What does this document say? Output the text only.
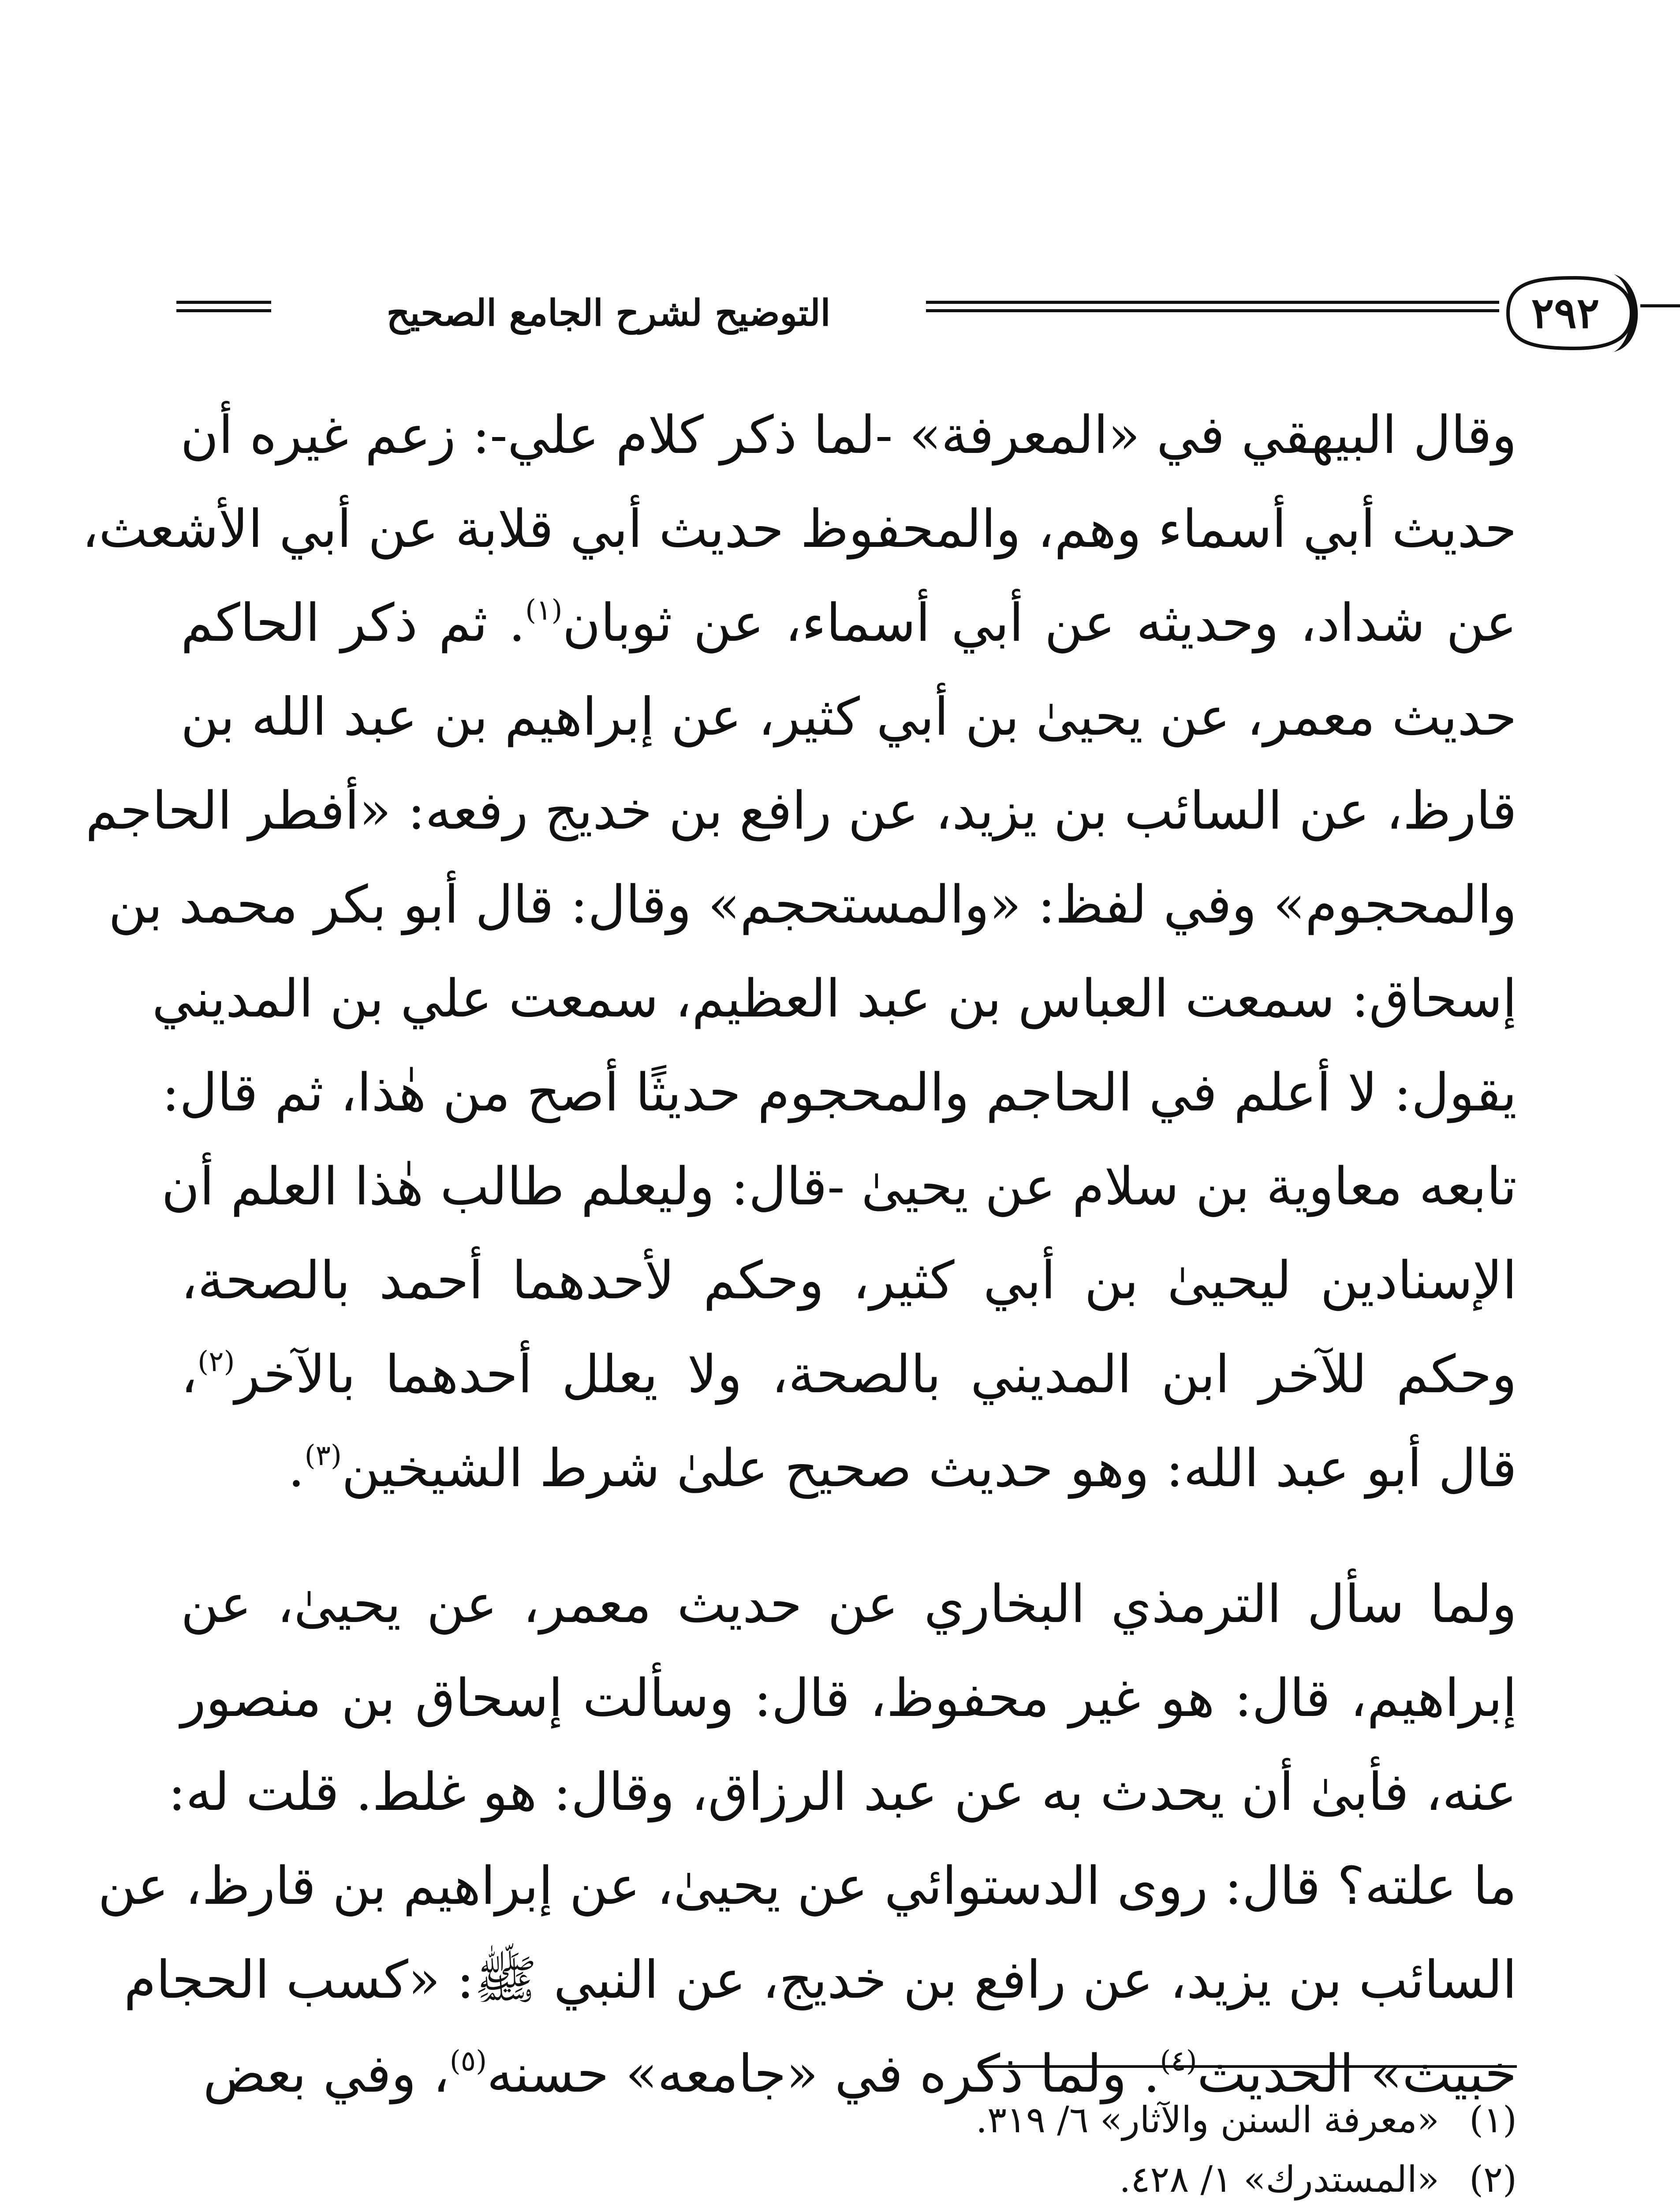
٢٩٢
التوضيح لشرح الجامع الصحيح

وقال البيهقي في «المعرفة» -لما ذكر كلام علي-: زعم غيره أن
حديث أبي أسماء وهم، والمحفوظ حديث أبي قلابة عن أبي الأشعث،
عن شداد، وحديثه عن أبي أسماء، عن ثوبان$^{(١)}$. ثم ذكر الحاكم
حديث معمر، عن يحيىٰ بن أبي كثير، عن إبراهيم بن عبد الله بن
قارظ، عن السائب بن يزيد، عن رافع بن خديج رفعه: «أفطر الحاجم
والمحجوم» وفي لفظ: «والمستحجم» وقال: قال أبو بكر محمد بن
إسحاق: سمعت العباس بن عبد العظيم، سمعت علي بن المديني
يقول: لا أعلم في الحاجم والمحجوم حديثًا أصح من هٰذا، ثم قال:
تابعه معاوية بن سلام عن يحيىٰ -قال: وليعلم طالب هٰذا العلم أن
الإسنادين ليحيىٰ بن أبي كثير، وحكم لأحدهما أحمد بالصحة،
وحكم للآخر ابن المديني بالصحة، ولا يعلل أحدهما بالآخر$^{(٢)}$،
قال أبو عبد الله: وهو حديث صحيح علىٰ شرط الشيخين$^{(٣)}$.

ولما سأل الترمذي البخاري عن حديث معمر، عن يحيىٰ، عن
إبراهيم، قال: هو غير محفوظ، قال: وسألت إسحاق بن منصور
عنه، فأبىٰ أن يحدث به عن عبد الرزاق، وقال: هو غلط. قلت له:
ما علته؟ قال: روى الدستوائي عن يحيىٰ، عن إبراهيم بن قارظ، عن
السائب بن يزيد، عن رافع بن خديج، عن النبي ﷺ: «كسب الحجام
خبيث» الحديث$^{(٤)}$. ولما ذكره في «جامعه» حسنه$^{(٥)}$، وفي بعض

(١) «معرفة السنن والآثار» ٦/ ٣١٩.
(٢) «المستدرك» ١/ ٤٢٨.
